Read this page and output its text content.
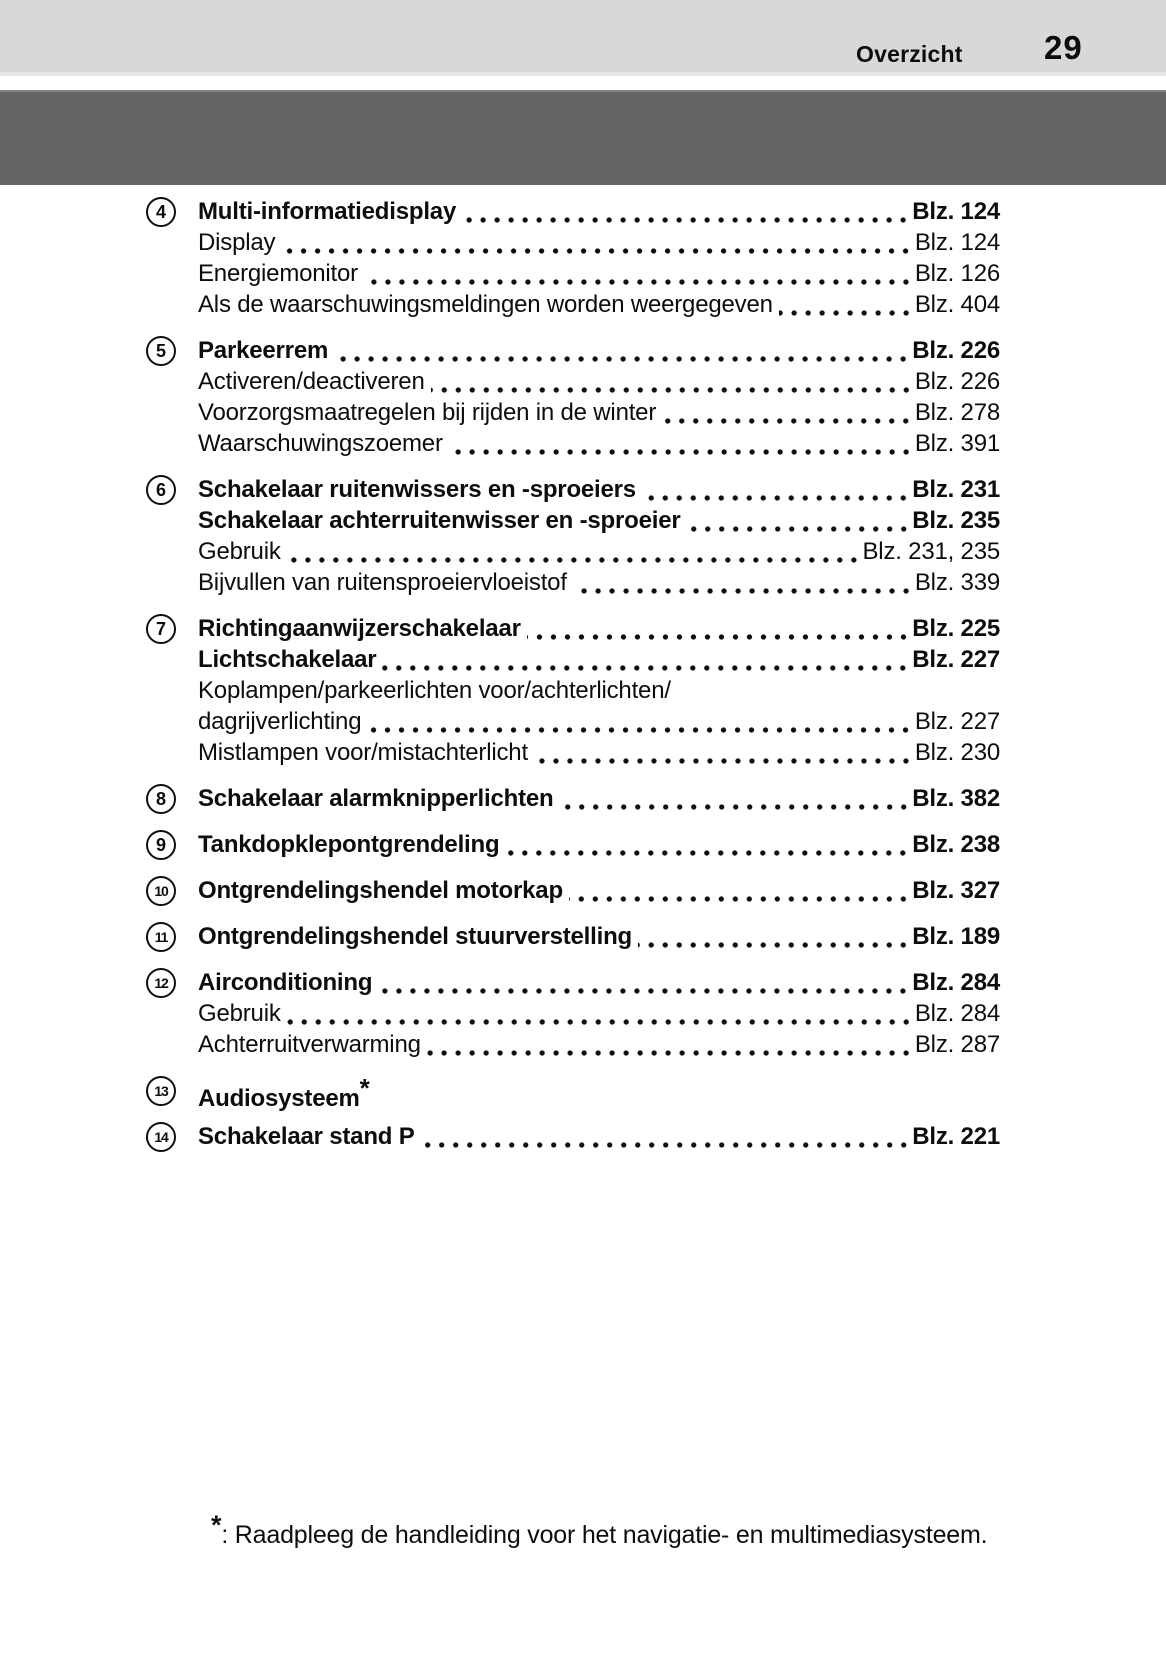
Overzicht 29
4	Multi-informatiedisplay	Blz. 124
Display	Blz. 124
Energiemonitor	Blz. 126
Als de waarschuwingsmeldingen worden weergegeven	Blz. 404
5	Parkeerrem	Blz. 226
Activeren/deactiveren	Blz. 226
Voorzorgsmaatregelen bij rijden in de winter	Blz. 278
Waarschuwingszoemer	Blz. 391
6	Schakelaar ruitenwissers en -sproeiers	Blz. 231
Schakelaar achterruitenwisser en -sproeier	Blz. 235
Gebruik	Blz. 231, 235
Bijvullen van ruitensproeiervloeistof	Blz. 339
7	Richtingaanwijzerschakelaar	Blz. 225
Lichtschakelaar	Blz. 227
Koplampen/parkeerlichten voor/achterlichten/
dagrijverlichting	Blz. 227
Mistlampen voor/mistachterlicht	Blz. 230
8	Schakelaar alarmknipperlichten	Blz. 382
9	Tankdopklepontgrendeling	Blz. 238
10	Ontgrendelingshendel motorkap	Blz. 327
11	Ontgrendelingshendel stuurverstelling	Blz. 189
12	Airconditioning	Blz. 284
Gebruik	Blz. 284
Achterruitverwarming	Blz. 287
13	Audiosysteem*
14	Schakelaar stand P	Blz. 221
*: Raadpleeg de handleiding voor het navigatie- en multimediasysteem.
